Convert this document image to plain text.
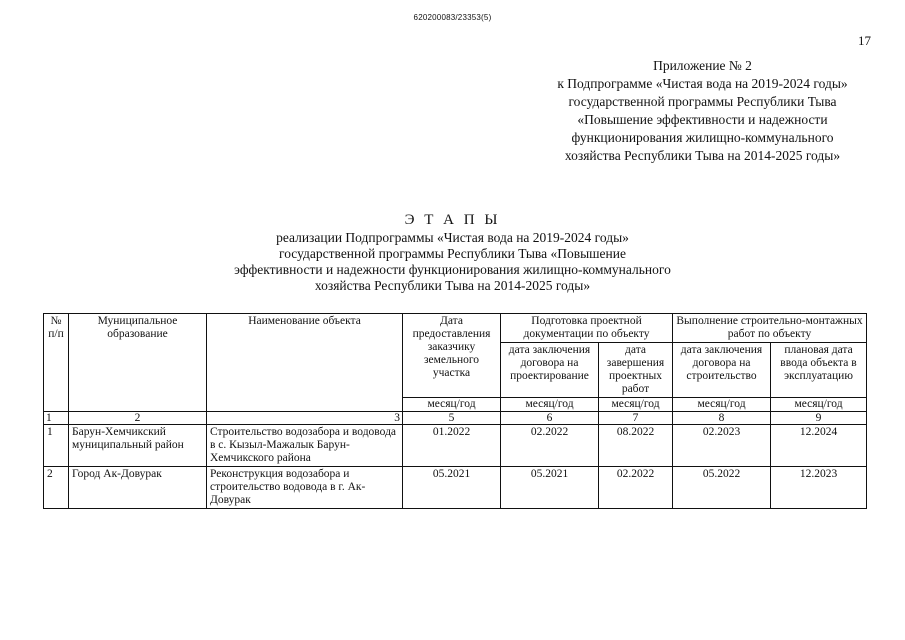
620200083/23353(5)
17
Приложение № 2
к Подпрограмме «Чистая вода на 2019-2024 годы»
государственной программы Республики Тыва
«Повышение эффективности и надежности
функционирования жилищно-коммунального
хозяйства Республики Тыва на 2014-2025 годы»
Э Т А П Ы
реализации Подпрограммы «Чистая вода на 2019-2024 годы»
государственной программы Республики Тыва «Повышение
эффективности и надежности функционирования жилищно-коммунального
хозяйства Республики Тыва на 2014-2025 годы»
№ п/п	Муниципальное образование	Наименование объекта	Дата предоставления заказчику земельного участка	Подготовка проектной документации по объекту		Выполнение строительно-монтажных работ по объекту	
				дата заключения договора на проектирование	дата завершения проектных работ	дата заключения договора на строительство	плановая дата ввода объекта в эксплуатацию
			месяц/год	месяц/год	месяц/год	месяц/год	месяц/год
1	2	3	5	6	7	8	9
1	Барун-Хемчикский муниципальный район	Строительство водозабора и водовода в с. Кызыл-Мажалык Барун-Хемчикского района	01.2022	02.2022	08.2022	02.2023	12.2024
2	Город Ак-Довурак	Реконструкция водозабора и строительство водовода в г. Ак-Довурак	05.2021	05.2021	02.2022	05.2022	12.2023
